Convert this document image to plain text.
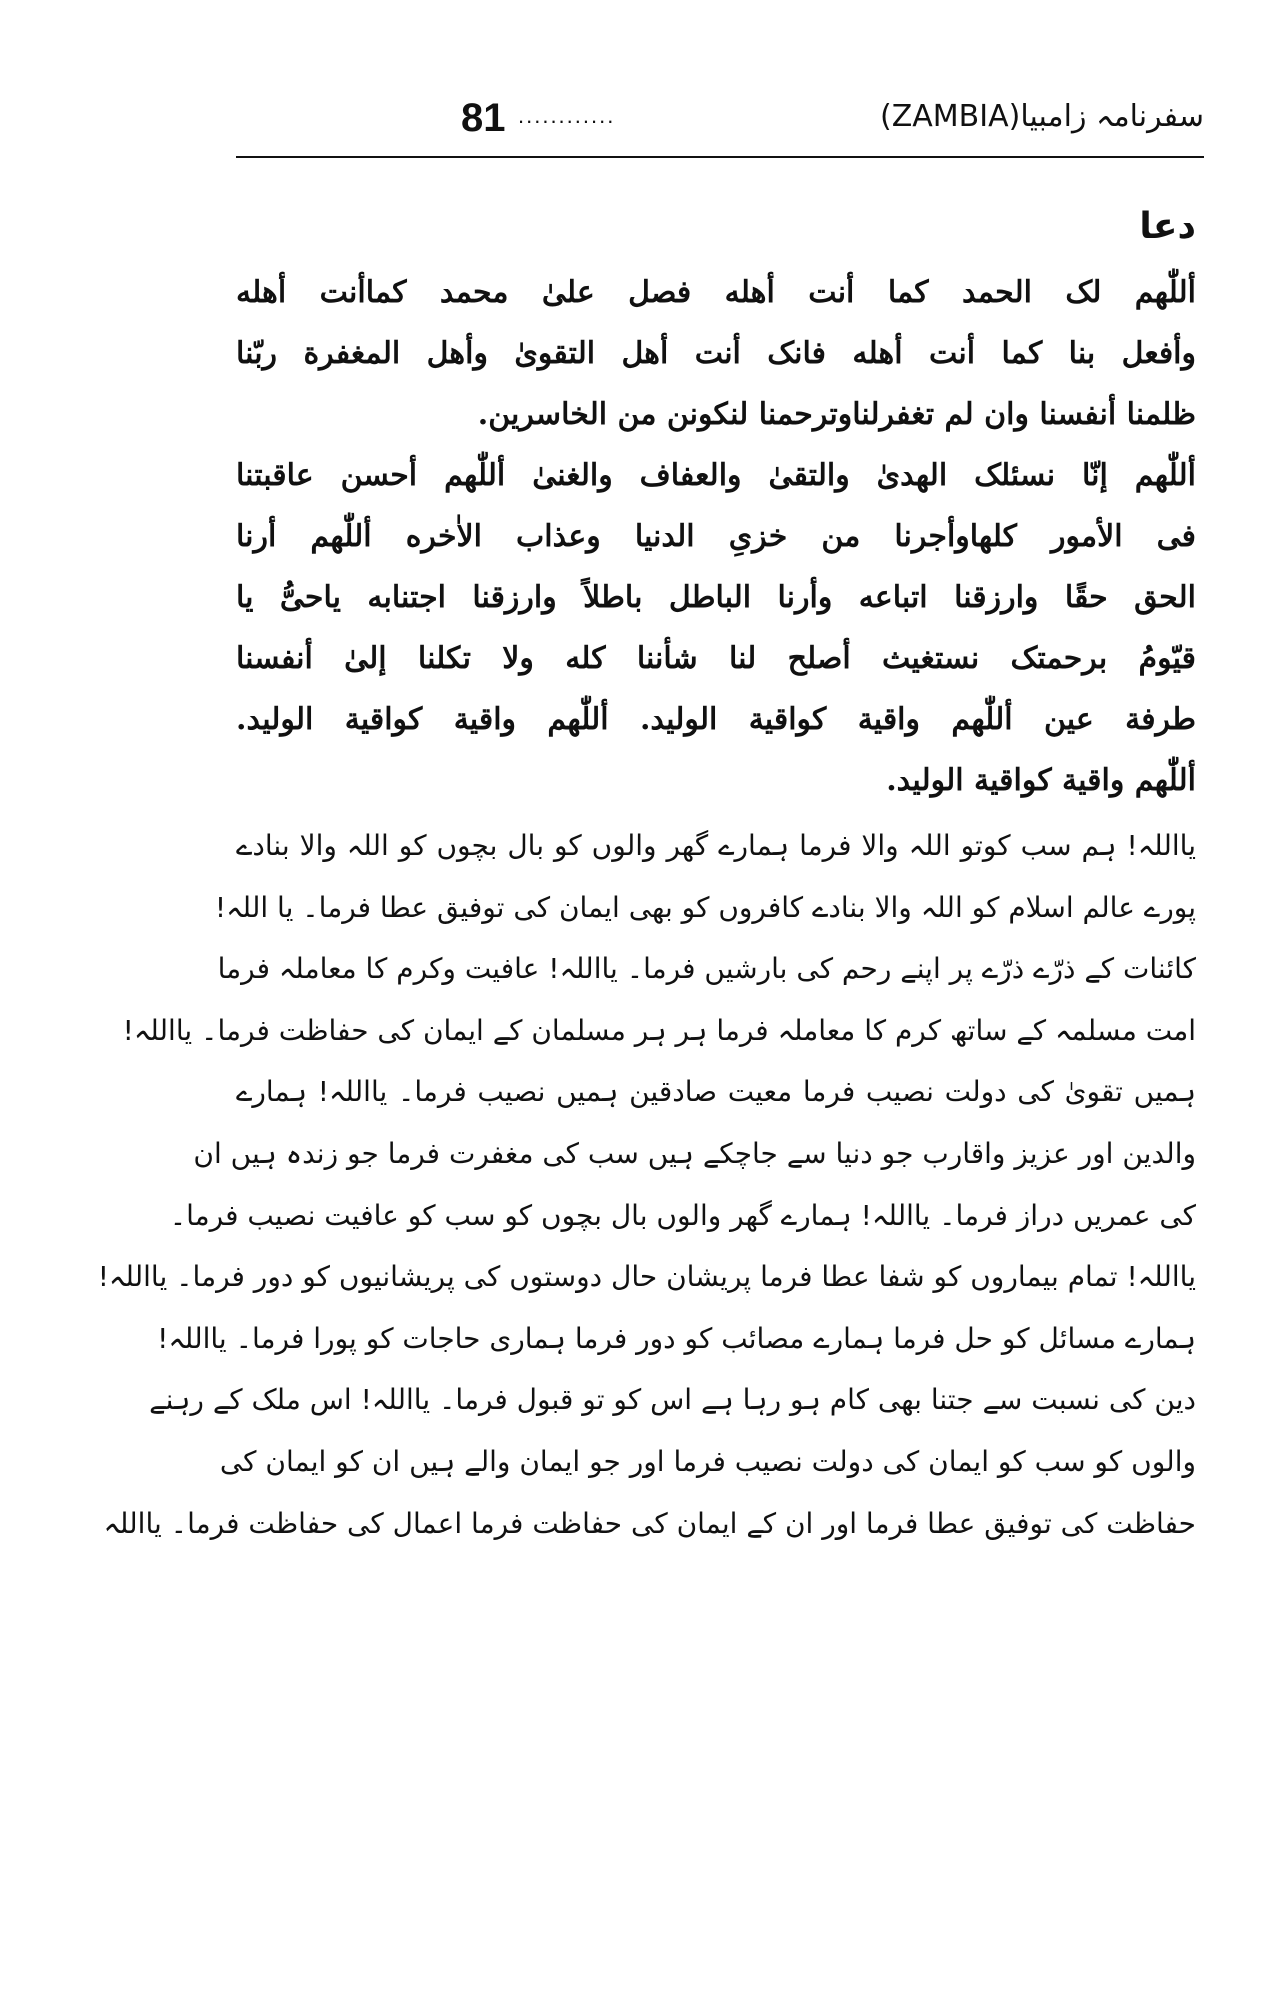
81 ............	سفرنامہ زامبیا(ZAMBIA)
دعا
أللّٰهم لک الحمد كما أنت أهله فصل علىٰ محمد كماأنت أهله
وأفعل بنا كما أنت أهله فانک أنت أهل التقوىٰ وأهل المغفرة ربّنا
ظلمنا أنفسنا وان لم تغفرلناوترحمنا لنكونن من الخاسرين.
أللّٰهم إنّا نسئلک الهدىٰ والتقىٰ والعفاف والغنىٰ أللّٰهم أحسن عاقبتنا
فى الأمور كلهاوأجرنا من خزىِ الدنيا وعذاب الاٰخره أللّٰهم أرنا
الحق حقًا وارزقنا اتباعه وأرنا الباطل باطلاً وارزقنا اجتنابه ياحىُّ يا
قيّومُ برحمتک نستغيث أصلح لنا شأننا كله ولا تكلنا إلىٰ أنفسنا
طرفة عين أللّٰهم واقية كواقية الوليد. أللّٰهم واقية كواقية الوليد.
أللّٰهم واقية كواقية الوليد.
یااللہ! ہم سب کوتو اللہ والا فرما ہمارے گھر والوں کو بال بچوں کو اللہ والا بنادے
پورے عالم اسلام کو اللہ والا بنادے کافروں کو بھی ایمان کی توفیق عطا فرما۔ یا اللہ!
کائنات کے ذرّے ذرّے پر اپنے رحم کی بارشیں فرما۔ یااللہ! عافیت وکرم کا معاملہ فرما
امت مسلمہ کے ساتھ کرم کا معاملہ فرما ہر ہر مسلمان کے ایمان کی حفاظت فرما۔ یااللہ!
ہمیں تقویٰ کی دولت نصیب فرما معیت صادقین ہمیں نصیب فرما۔ یااللہ! ہمارے
والدین اور عزیز واقارب جو دنیا سے جاچکے ہیں سب کی مغفرت فرما جو زندہ ہیں ان
کی عمریں دراز فرما۔ یااللہ! ہمارے گھر والوں بال بچوں کو سب کو عافیت نصیب فرما۔
یااللہ! تمام بیماروں کو شفا عطا فرما پریشان حال دوستوں کی پریشانیوں کو دور فرما۔ یااللہ!
ہمارے مسائل کو حل فرما ہمارے مصائب کو دور فرما ہماری حاجات کو پورا فرما۔ یااللہ!
دین کی نسبت سے جتنا بھی کام ہو رہا ہے اس کو تو قبول فرما۔ یااللہ! اس ملک کے رہنے
والوں کو سب کو ایمان کی دولت نصیب فرما اور جو ایمان والے ہیں ان کو ایمان کی
حفاظت کی توفیق عطا فرما اور ان کے ایمان کی حفاظت فرما اعمال کی حفاظت فرما۔ یااللہ
